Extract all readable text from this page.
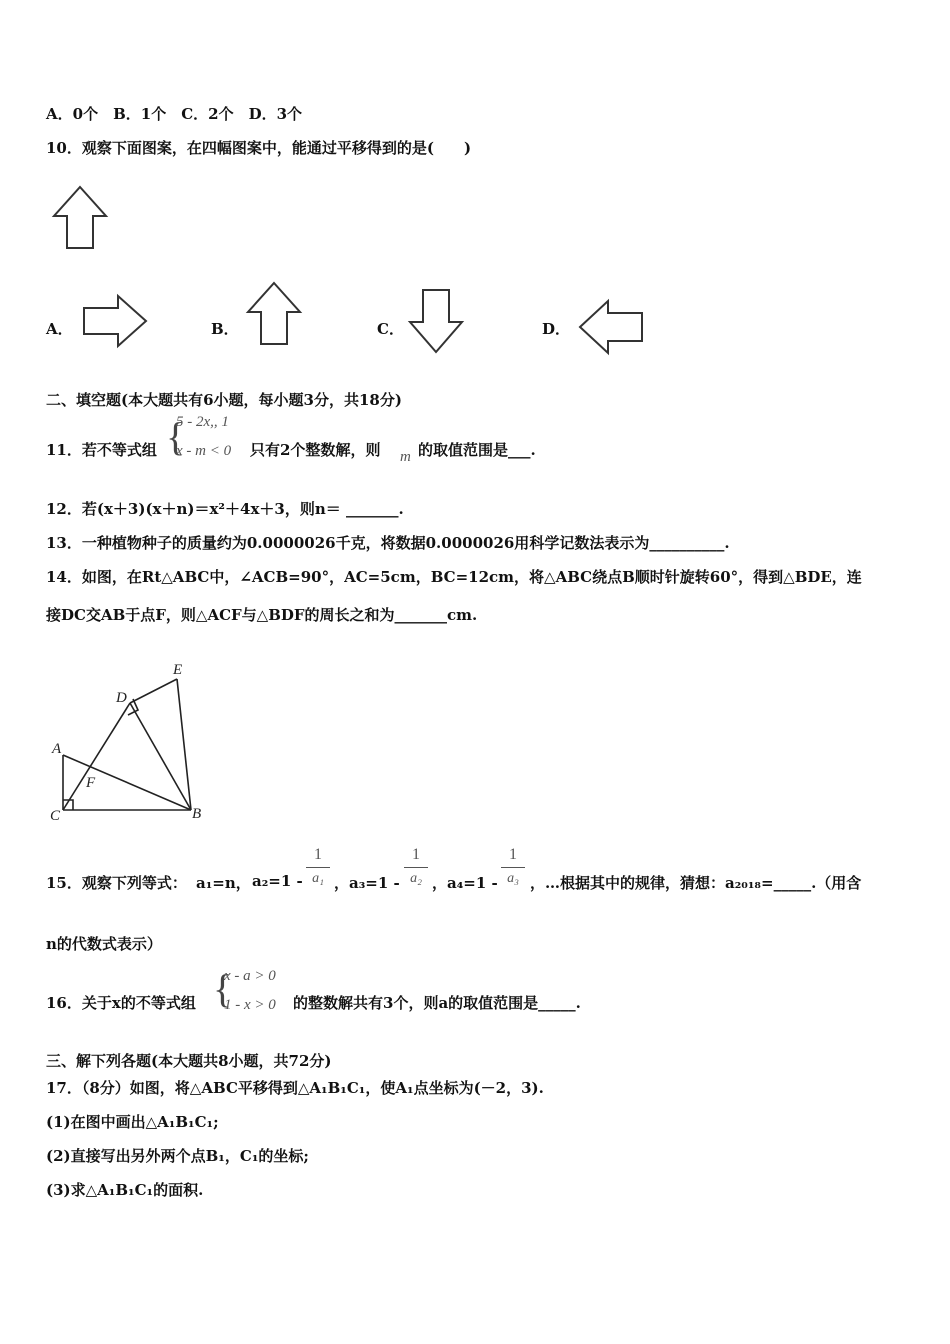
A．0个　B．1个　C．2个　D．3个
10．观察下面图案，在四幅图案中，能通过平移得到的是(　　)
A．	B．	C．	D．
二、填空题(本大题共有6小题，每小题3分，共18分)
11．若不等式组 {
5 - 2x,, 1
x - m < 0 只有2个整数解，则 m 的取值范围是___.
12．若(x＋3)(x＋n)＝x²＋4x＋3，则n＝ _______.
13．一种植物种子的质量约为0.0000026千克，将数据0.0000026用科学记数法表示为__________.
14．如图，在Rt△ABC中，∠ACB=90°，AC=5cm，BC=12cm，将△ABC绕点B顺时针旋转60°，得到△BDE，连
接DC交AB于点F，则△ACF与△BDF的周长之和为_______cm.
E
D
A
F
C	B
15．观察下列等式： a₁=n， a₂=1 -
1
a₁ ，a₃=1 -
1
a₂ ，a₄=1 -
1
a₃ ，…根据其中的规律，猜想：a₂₀₁₈=_____.（用含
n的代数式表示）
16．关于x的不等式组 {
x - a > 0
1 - x > 0 的整数解共有3个，则a的取值范围是_____.
三、解下列各题(本大题共8小题，共72分)
17．（8分）如图，将△ABC平移得到△A₁B₁C₁，使A₁点坐标为(－2，3).
(1)在图中画出△A₁B₁C₁;
(2)直接写出另外两个点B₁，C₁的坐标;
(3)求△A₁B₁C₁的面积.
